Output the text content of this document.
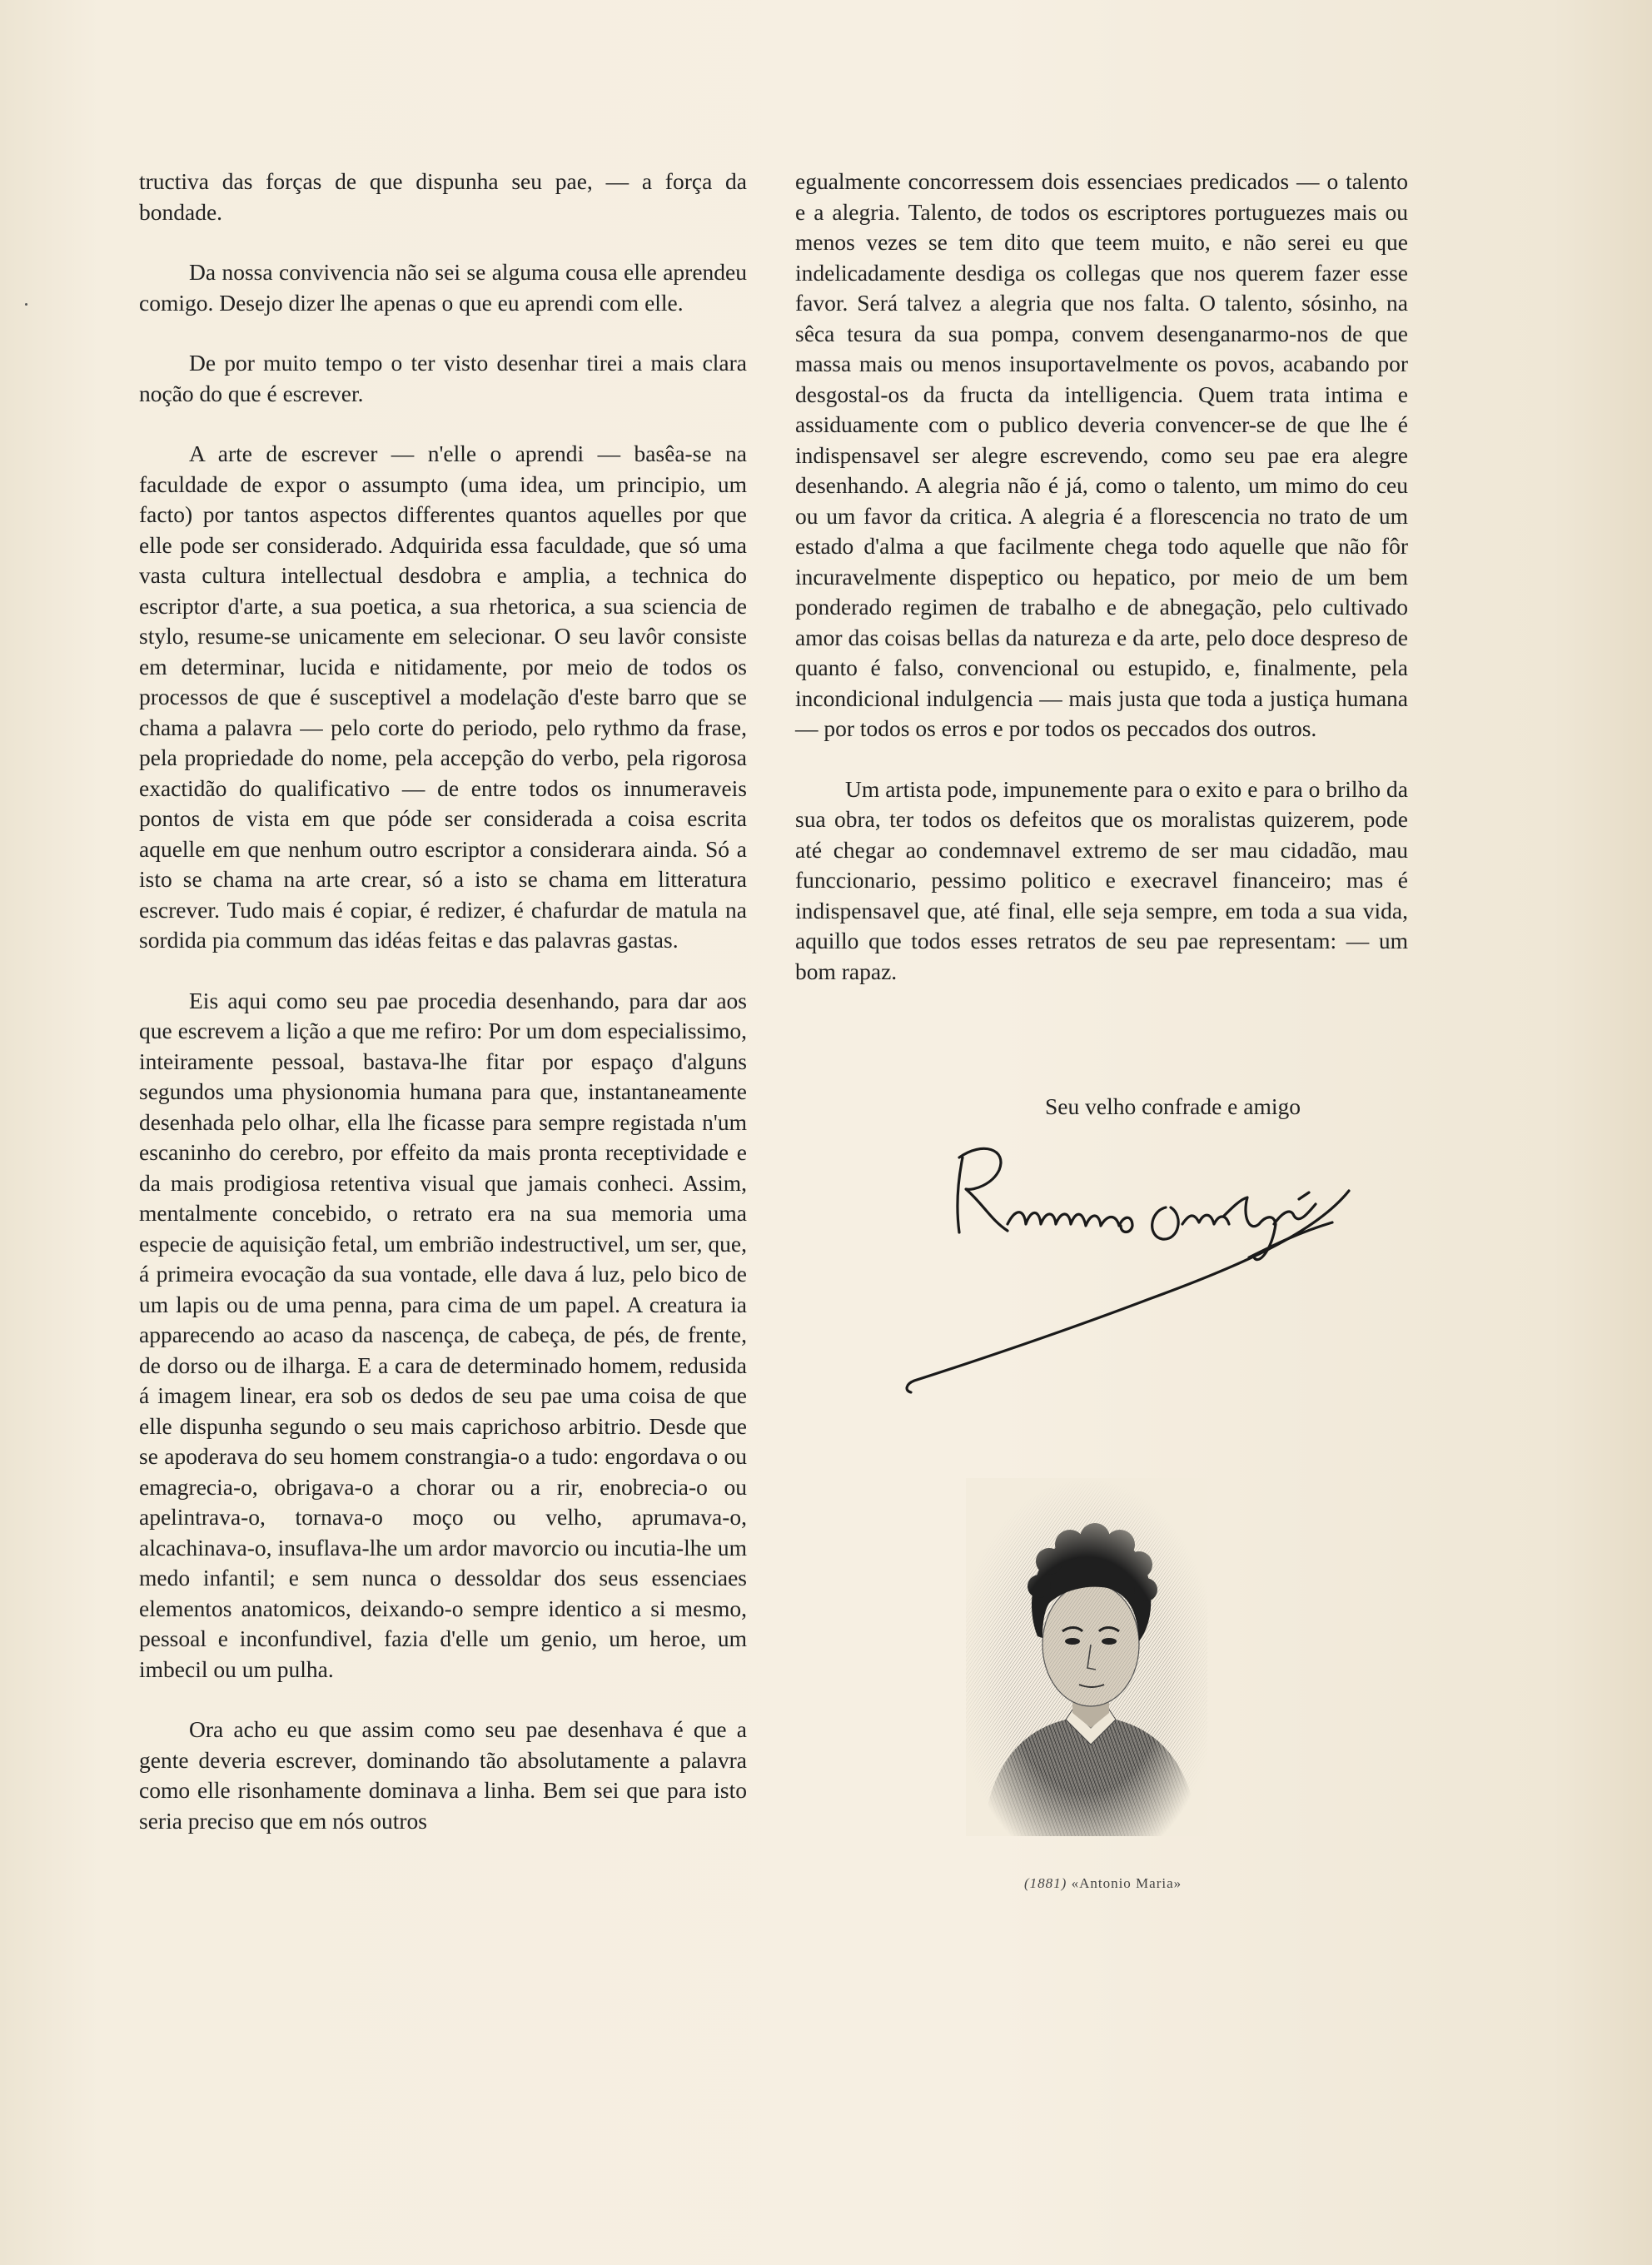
tructiva das forças de que dispunha seu pae, — a força da bondade.

Da nossa convivencia não sei se alguma cousa elle aprendeu comigo. Desejo dizer lhe apenas o que eu aprendi com elle.

De por muito tempo o ter visto desenhar tirei a mais clara noção do que é escrever.

A arte de escrever — n'elle o aprendi — basêa-se na faculdade de expor o assumpto (uma idea, um principio, um facto) por tantos aspectos differentes quantos aquelles por que elle pode ser considerado. Adquirida essa faculdade, que só uma vasta cultura intellectual desdobra e amplia, a technica do escriptor d'arte, a sua poetica, a sua rhetorica, a sua sciencia de stylo, resume-se unicamente em selecionar. O seu lavôr consiste em determinar, lucida e nitidamente, por meio de todos os processos de que é susceptivel a modelação d'este barro que se chama a palavra — pelo corte do periodo, pelo rythmo da frase, pela propriedade do nome, pela accepção do verbo, pela rigorosa exactidão do qualificativo — de entre todos os innumeraveis pontos de vista em que póde ser considerada a coisa escrita aquelle em que nenhum outro escriptor a considerara ainda. Só a isto se chama na arte crear, só a isto se chama em litteratura escrever. Tudo mais é copiar, é redizer, é chafurdar de matula na sordida pia commum das idéas feitas e das palavras gastas.

Eis aqui como seu pae procedia desenhando, para dar aos que escrevem a lição a que me refiro: Por um dom especialissimo, inteiramente pessoal, bastava-lhe fitar por espaço d'alguns segundos uma physionomia humana para que, instantaneamente desenhada pelo olhar, ella lhe ficasse para sempre registada n'um escaninho do cerebro, por effeito da mais pronta receptividade e da mais prodigiosa retentiva visual que jamais conheci. Assim, mentalmente concebido, o retrato era na sua memoria uma especie de aquisição fetal, um embrião indestructivel, um ser, que, á primeira evocação da sua vontade, elle dava á luz, pelo bico de um lapis ou de uma penna, para cima de um papel. A creatura ia apparecendo ao acaso da nascença, de cabeça, de pés, de frente, de dorso ou de ilharga. E a cara de determinado homem, redusida á imagem linear, era sob os dedos de seu pae uma coisa de que elle dispunha segundo o seu mais caprichoso arbitrio. Desde que se apoderava do seu homem constrangia-o a tudo: engordava o ou emagrecia-o, obrigava-o a chorar ou a rir, enobrecia-o ou apelintrava-o, tornava-o moço ou velho, aprumava-o, alcachinava-o, insuflava-lhe um ardor mavorcio ou incutia-lhe um medo infantil; e sem nunca o dessoldar dos seus essenciaes elementos anatomicos, deixando-o sempre identico a si mesmo, pessoal e inconfundivel, fazia d'elle um genio, um heroe, um imbecil ou um pulha.

Ora acho eu que assim como seu pae desenhava é que a gente deveria escrever, dominando tão absolutamente a palavra como elle risonhamente dominava a linha. Bem sei que para isto seria preciso que em nós outros

egualmente concorressem dois essenciaes predicados — o talento e a alegria. Talento, de todos os escriptores portuguezes mais ou menos vezes se tem dito que teem muito, e não serei eu que indelicadamente desdiga os collegas que nos querem fazer esse favor. Será talvez a alegria que nos falta. O talento, sósinho, na sêca tesura da sua pompa, convem desenganarmo-nos de que massa mais ou menos insuportavelmente os povos, acabando por desgostal-os da fructa da intelligencia. Quem trata intima e assiduamente com o publico deveria convencer-se de que lhe é indispensavel ser alegre escrevendo, como seu pae era alegre desenhando. A alegria não é já, como o talento, um mimo do ceu ou um favor da critica. A alegria é a florescencia no trato de um estado d'alma a que facilmente chega todo aquelle que não fôr incuravelmente dispeptico ou hepatico, por meio de um bem ponderado regimen de trabalho e de abnegação, pelo cultivado amor das coisas bellas da natureza e da arte, pelo doce despreso de quanto é falso, convencional ou estupido, e, finalmente, pela incondicional indulgencia — mais justa que toda a justiça humana — por todos os erros e por todos os peccados dos outros.

Um artista pode, impunemente para o exito e para o brilho da sua obra, ter todos os defeitos que os moralistas quizerem, pode até chegar ao condemnavel extremo de ser mau cidadão, mau funccionario, pessimo politico e execravel financeiro; mas é indispensavel que, até final, elle seja sempre, em toda a sua vida, aquillo que todos esses retratos de seu pae representam: — um bom rapaz.

Seu velho confrade e amigo
(1881) «Antonio Maria»
